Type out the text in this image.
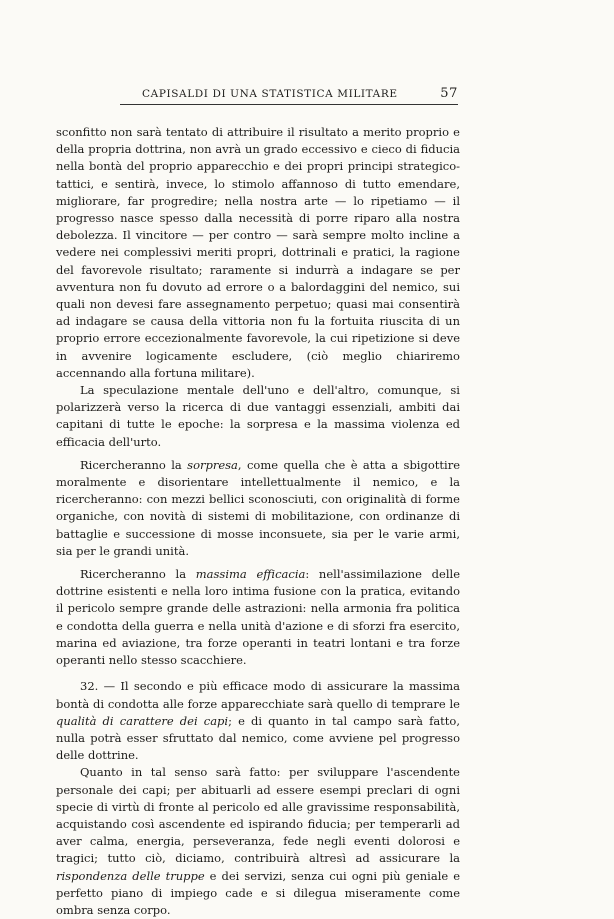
CAPISALDI DI UNA STATISTICA MILITARE	57

sconfitto non sarà tentato di attribuire il risultato a merito proprio e della propria dottrina, non avrà un grado eccessivo e cieco di fiducia nella bontà del proprio apparecchio e dei propri principi strategico-tattici, e sentirà, invece, lo stimolo affannoso di tutto emendare, migliorare, far progredire; nella nostra arte — lo ripetiamo — il progresso nasce spesso dalla necessità di porre riparo alla nostra debolezza. Il vincitore — per contro — sarà sempre molto incline a vedere nei complessivi meriti propri, dottrinali e pratici, la ragione del favorevole risultato; raramente si indurrà a indagare se per avventura non fu dovuto ad errore o a balordaggini del nemico, sui quali non devesi fare assegnamento perpetuo; quasi mai consentirà ad indagare se causa della vittoria non fu la fortuita riuscita di un proprio errore eccezionalmente favorevole, la cui ripetizione si deve in avvenire logicamente escludere, (ciò meglio chiariremo accennando alla fortuna militare).

La speculazione mentale dell'uno e dell'altro, comunque, si polarizzerà verso la ricerca di due vantaggi essenziali, ambiti dai capitani di tutte le epoche: la sorpresa e la massima violenza ed efficacia dell'urto.

Ricercheranno la sorpresa, come quella che è atta a sbigottire moralmente e disorientare intellettualmente il nemico, e la ricercheranno: con mezzi bellici sconosciuti, con originalità di forme organiche, con novità di sistemi di mobilitazione, con ordinanze di battaglie e successione di mosse inconsuete, sia per le varie armi, sia per le grandi unità.

Ricercheranno la massima efficacia: nell'assimilazione delle dottrine esistenti e nella loro intima fusione con la pratica, evitando il pericolo sempre grande delle astrazioni: nella armonia fra politica e condotta della guerra e nella unità d'azione e di sforzi fra esercito, marina ed aviazione, tra forze operanti in teatri lontani e tra forze operanti nello stesso scacchiere.

32. — Il secondo e più efficace modo di assicurare la massima bontà di condotta alle forze apparecchiate sarà quello di temprare le qualità di carattere dei capi; e di quanto in tal campo sarà fatto, nulla potrà esser sfruttato dal nemico, come avviene pel progresso delle dottrine.

Quanto in tal senso sarà fatto: per sviluppare l'ascendente personale dei capi; per abituarli ad essere esempi preclari di ogni specie di virtù di fronte al pericolo ed alle gravissime responsabilità, acquistando così ascendente ed ispirando fiducia; per temperarli ad aver calma, energia, perseveranza, fede negli eventi dolorosi e tragici; tutto ciò, diciamo, contribuirà altresì ad assicurare la rispondenza delle truppe e dei servizi, senza cui ogni più geniale e perfetto piano di impiego cade e si dilegua miseramente come ombra senza corpo.
